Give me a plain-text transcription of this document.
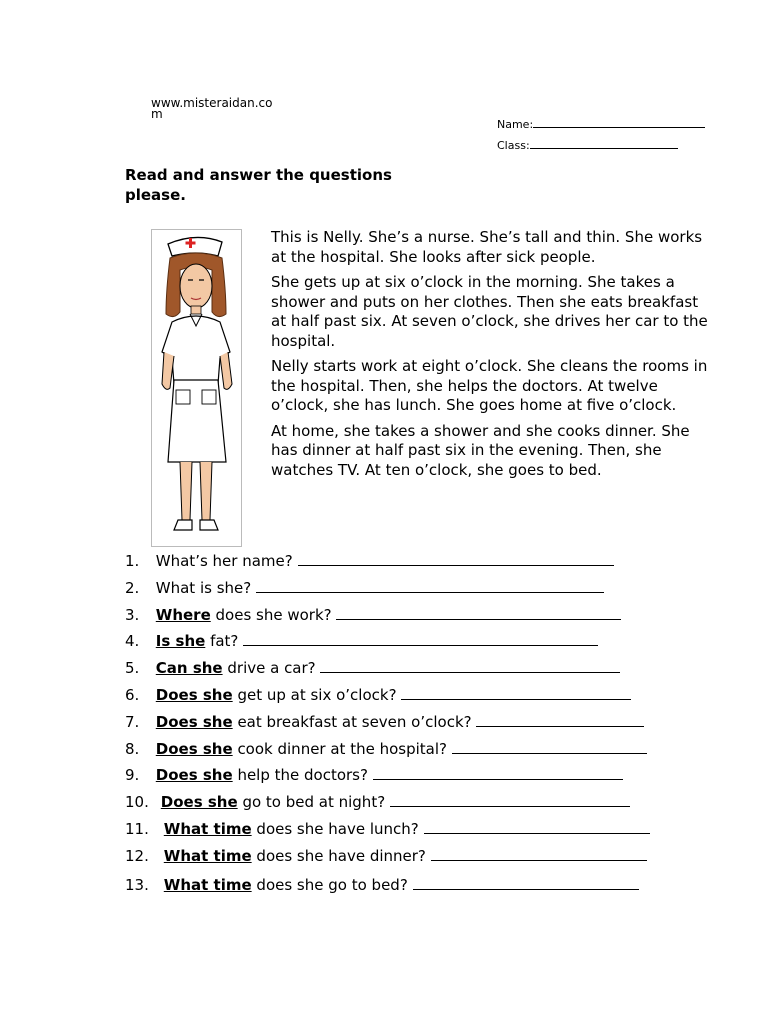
www.misteraidan.co
m
Name:
Class:
Read and answer the questions please.

This is Nelly. She’s a nurse. She’s tall and thin. She works at the hospital. She looks after sick people.

She gets up at six o’clock in the morning. She takes a shower and puts on her clothes. Then she eats breakfast at half past six. At seven o’clock, she drives her car to the hospital.

Nelly starts work at eight o’clock. She cleans the rooms in the hospital. Then, she helps the doctors. At twelve o’clock, she has lunch. She goes home at five o’clock.

At home, she takes a shower and she cooks dinner. She has dinner at half past six in the evening. Then, she watches TV. At ten o’clock, she goes to bed.

1. What’s her name?
2. What is she?
3. Where does she work?
4. Is she fat?
5. Can she drive a car?
6. Does she get up at six o’clock?
7. Does she eat breakfast at seven o’clock?
8. Does she cook dinner at the hospital?
9. Does she help the doctors?
10. Does she go to bed at night?
11. What time does she have lunch?
12. What time does she have dinner?
13. What time does she go to bed?
